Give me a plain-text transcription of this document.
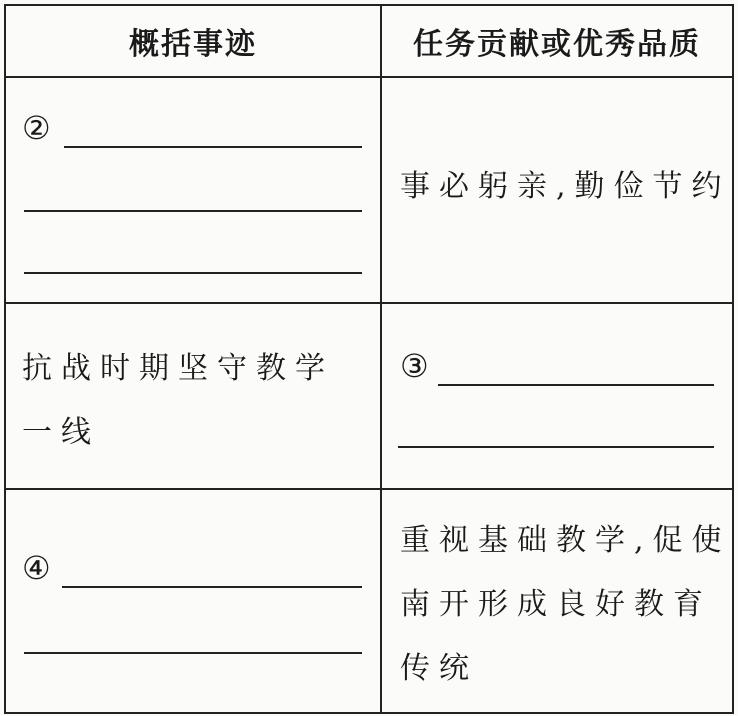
概括事迹	任务贡献或优秀品质

②	事必躬亲,勤俭节约

抗战时期坚守教学
一线	③

④	重视基础教学,促使
南开形成良好教育
传统
